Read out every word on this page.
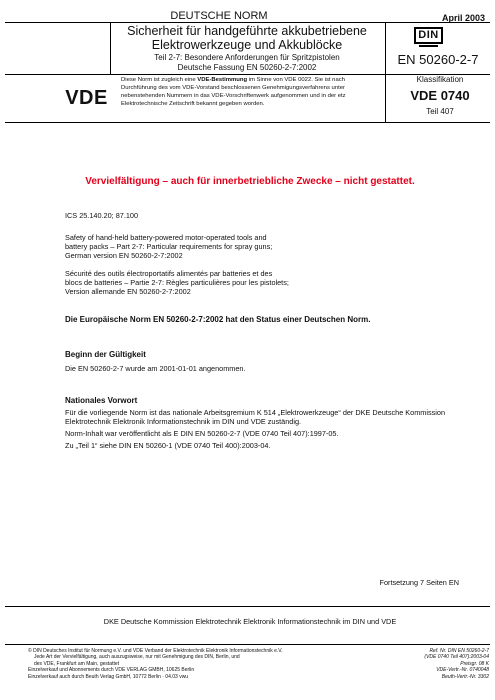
DEUTSCHE NORM	April 2003
Sicherheit für handgeführte akkubetriebene
Elektrowerkzeuge und Akkublöcke
Teil 2-7: Besondere Anforderungen für Spritzpistolen
Deutsche Fassung EN 50260-2-7:2002
DIN
EN 50260-2-7
VDE
Diese Norm ist zugleich eine VDE-Bestimmung im Sinne von VDE 0022. Sie ist nach
Durchführung des vom VDE-Vorstand beschlossenen Genehmigungsverfahrens unter
nebenstehenden Nummern in das VDE-Vorschriftenwerk aufgenommen und in der etz
Elektrotechnische Zeitschrift bekannt gegeben worden.
Klassifikation
VDE 0740
Teil 407
Vervielfältigung – auch für innerbetriebliche Zwecke – nicht gestattet.
ICS 25.140.20; 87.100
Safety of hand-held battery-powered motor-operated tools and
battery packs – Part 2-7: Particular requirements for spray guns;
German version EN 50260-2-7:2002
Sécurité des outils électroportatifs alimentés par batteries et des
blocs de batteries – Partie 2-7: Règles particulières pour les pistolets;
Version allemande EN 50260-2-7:2002
Die Europäische Norm EN 50260-2-7:2002 hat den Status einer Deutschen Norm.
Beginn der Gültigkeit
Die EN 50260-2-7 wurde am 2001-01-01 angenommen.
Nationales Vorwort
Für die vorliegende Norm ist das nationale Arbeitsgremium K 514 „Elektrowerkzeuge“ der DKE Deutsche Kommission
Elektrotechnik Elektronik Informationstechnik im DIN und VDE zuständig.
Norm-Inhalt war veröffentlicht als E DIN EN 50260-2-7 (VDE 0740 Teil 407):1997-05.
Zu „Teil 1“ siehe DIN EN 50260-1 (VDE 0740 Teil 400):2003-04.
Fortsetzung 7 Seiten EN
DKE Deutsche Kommission Elektrotechnik Elektronik Informationstechnik im DIN und VDE
© DIN Deutsches Institut für Normung e.V. und VDE Verband der Elektrotechnik Elektronik Informationstechnik e.V.
Jede Art der Vervielfältigung, auch auszugsweise, nur mit Genehmigung des DIN, Berlin, und
des VDE, Frankfurt am Main, gestattet
Einzelverkauf und Abonnements durch VDE VERLAG GMBH, 10625 Berlin
Einzelverkauf auch durch Beuth Verlag GmbH, 10772 Berlin · 04.03 vwu
Ref. Nr. DIN EN 50260-2-7
(VDE 0740 Teil 407):2003-04
Preisgr. 08 K
VDE-Vertr.-Nr. 0740048
Beuth-Vertr.-Nr. 3302
